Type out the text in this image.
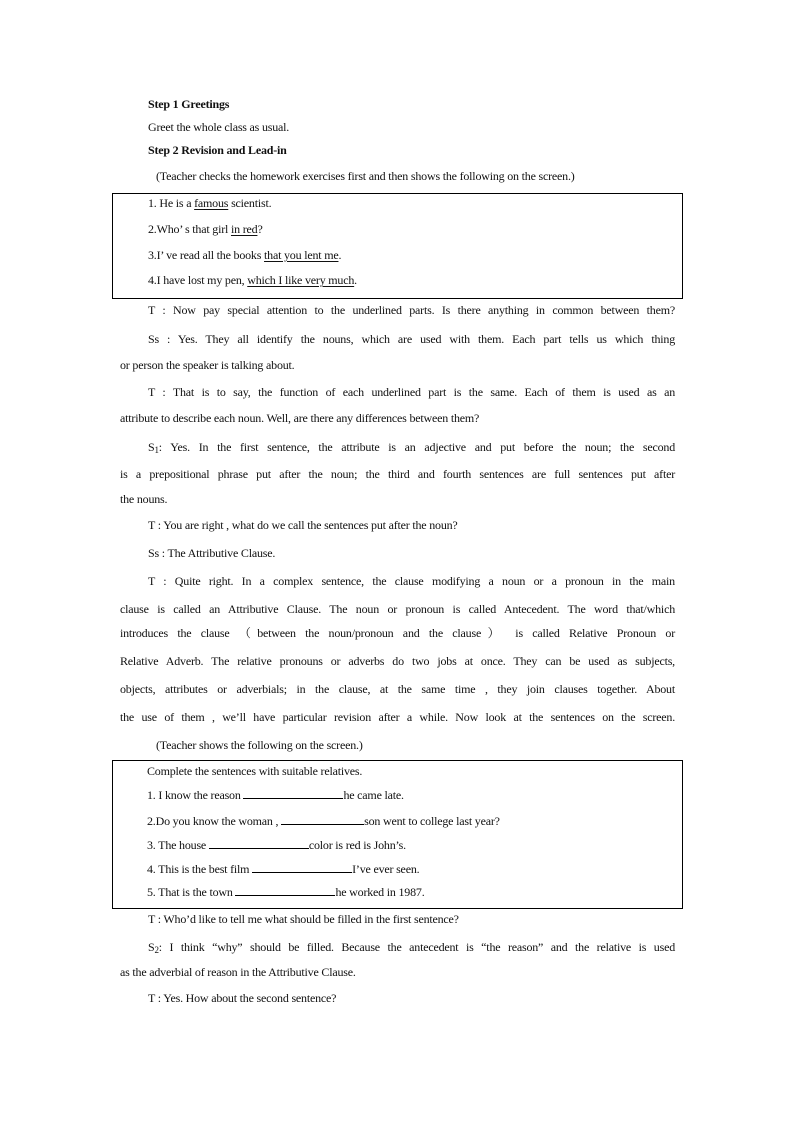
Step 1 Greetings
Greet the whole class as usual.
Step 2 Revision and Lead-in
(Teacher checks the homework exercises first and then shows the following on the screen.)
1. He is a famous scientist.
2.Who’ s that girl in red?
3.I’ ve read all the books that you lent me.
4.I have lost my pen, which I like very much.
T : Now pay special attention to the underlined parts. Is there anything in common between them?
Ss : Yes. They all identify the nouns, which are used with them. Each part tells us which thing
or person the speaker is talking about.
T : That is to say, the function of each underlined part is the same. Each of them is used as an
attribute to describe each noun. Well, are there any differences between them?
$S_1$ : Yes. In the first sentence, the attribute is an adjective and put before the noun; the second
is a prepositional phrase put after the noun; the third and fourth sentences are full sentences put after
the nouns.
T : You are right , what do we call the sentences put after the noun?
Ss : The Attributive Clause.
T : Quite right. In a complex sentence, the clause modifying a noun or a pronoun in the main
clause is called an Attributive Clause. The noun or pronoun is called Antecedent. The word that/which
introduces the clause （between the noun/pronoun and the clause） is called Relative Pronoun or
Relative Adverb. The relative pronouns or adverbs do two jobs at once. They can be used as subjects,
objects, attributes or adverbials; in the clause, at the same time , they join clauses together. About
the use of them , we’ll have particular revision after a while. Now look at the sentences on the screen.
(Teacher shows the following on the screen.)
Complete the sentences with suitable relatives.
1. I know the reason	he came late.
2.Do you know the woman ,	son went to college last year?
3. The house	color is red is John’s.
4. This is the best film	I’ve ever seen.
5. That is the town	he worked in 1987.
T : Who’d like to tell me what should be filled in the first sentence?
$S_2$ : I think “why” should be filled. Because the antecedent is “the reason” and the relative is used
as the adverbial of reason in the Attributive Clause.
T : Yes. How about the second sentence?
